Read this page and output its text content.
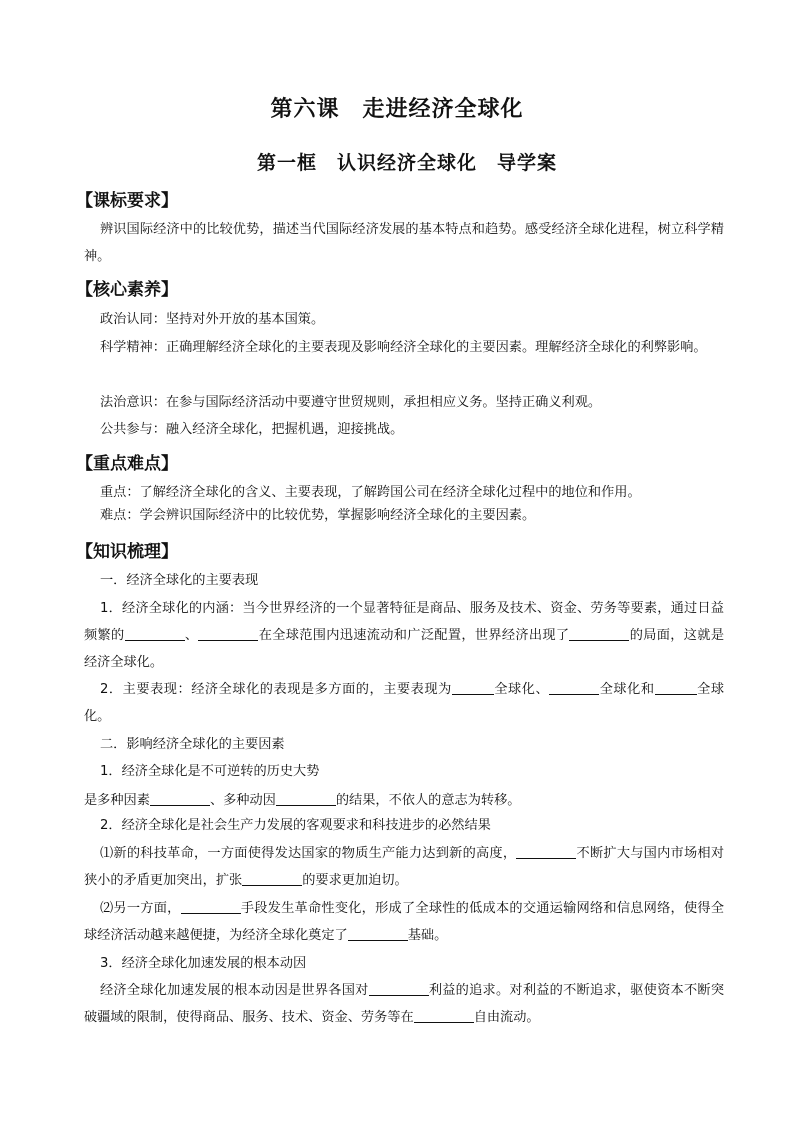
第六课　走进经济全球化
第一框　认识经济全球化　导学案
【课标要求】

辨识国际经济中的比较优势，描述当代国际经济发展的基本特点和趋势。感受经济全球化进程，树立科学精神。

【核心素养】

政治认同：坚持对外开放的基本国策。

科学精神：正确理解经济全球化的主要表现及影响经济全球化的主要因素。理解经济全球化的利弊影响。

法治意识：在参与国际经济活动中要遵守世贸规则，承担相应义务。坚持正确义利观。

公共参与：融入经济全球化，把握机遇，迎接挑战。

【重点难点】

重点：了解经济全球化的含义、主要表现，了解跨国公司在经济全球化过程中的地位和作用。

难点：学会辨识国际经济中的比较优势，掌握影响经济全球化的主要因素。

【知识梳理】

一．经济全球化的主要表现

1．经济全球化的内涵：当今世界经济的一个显著特征是商品、服务及技术、资金、劳务等要素，通过日益频繁的	、	在全球范围内迅速流动和广泛配置，世界经济出现了	的局面，这就是经济全球化。

2．主要表现：经济全球化的表现是多方面的，主要表现为	全球化、	全球化和	全球化。

二．影响经济全球化的主要因素

1．经济全球化是不可逆转的历史大势

是多种因素	、多种动因	的结果，不依人的意志为转移。

2．经济全球化是社会生产力发展的客观要求和科技进步的必然结果

⑴新的科技革命，一方面使得发达国家的物质生产能力达到新的高度，	不断扩大与国内市场相对狭小的矛盾更加突出，扩张	的要求更加迫切。

⑵另一方面，	手段发生革命性变化，形成了全球性的低成本的交通运输网络和信息网络，使得全球经济活动越来越便捷，为经济全球化奠定了	基础。

3．经济全球化加速发展的根本动因

经济全球化加速发展的根本动因是世界各国对	利益的追求。对利益的不断追求，驱使资本不断突破疆域的限制，使得商品、服务、技术、资金、劳务等在	自由流动。
